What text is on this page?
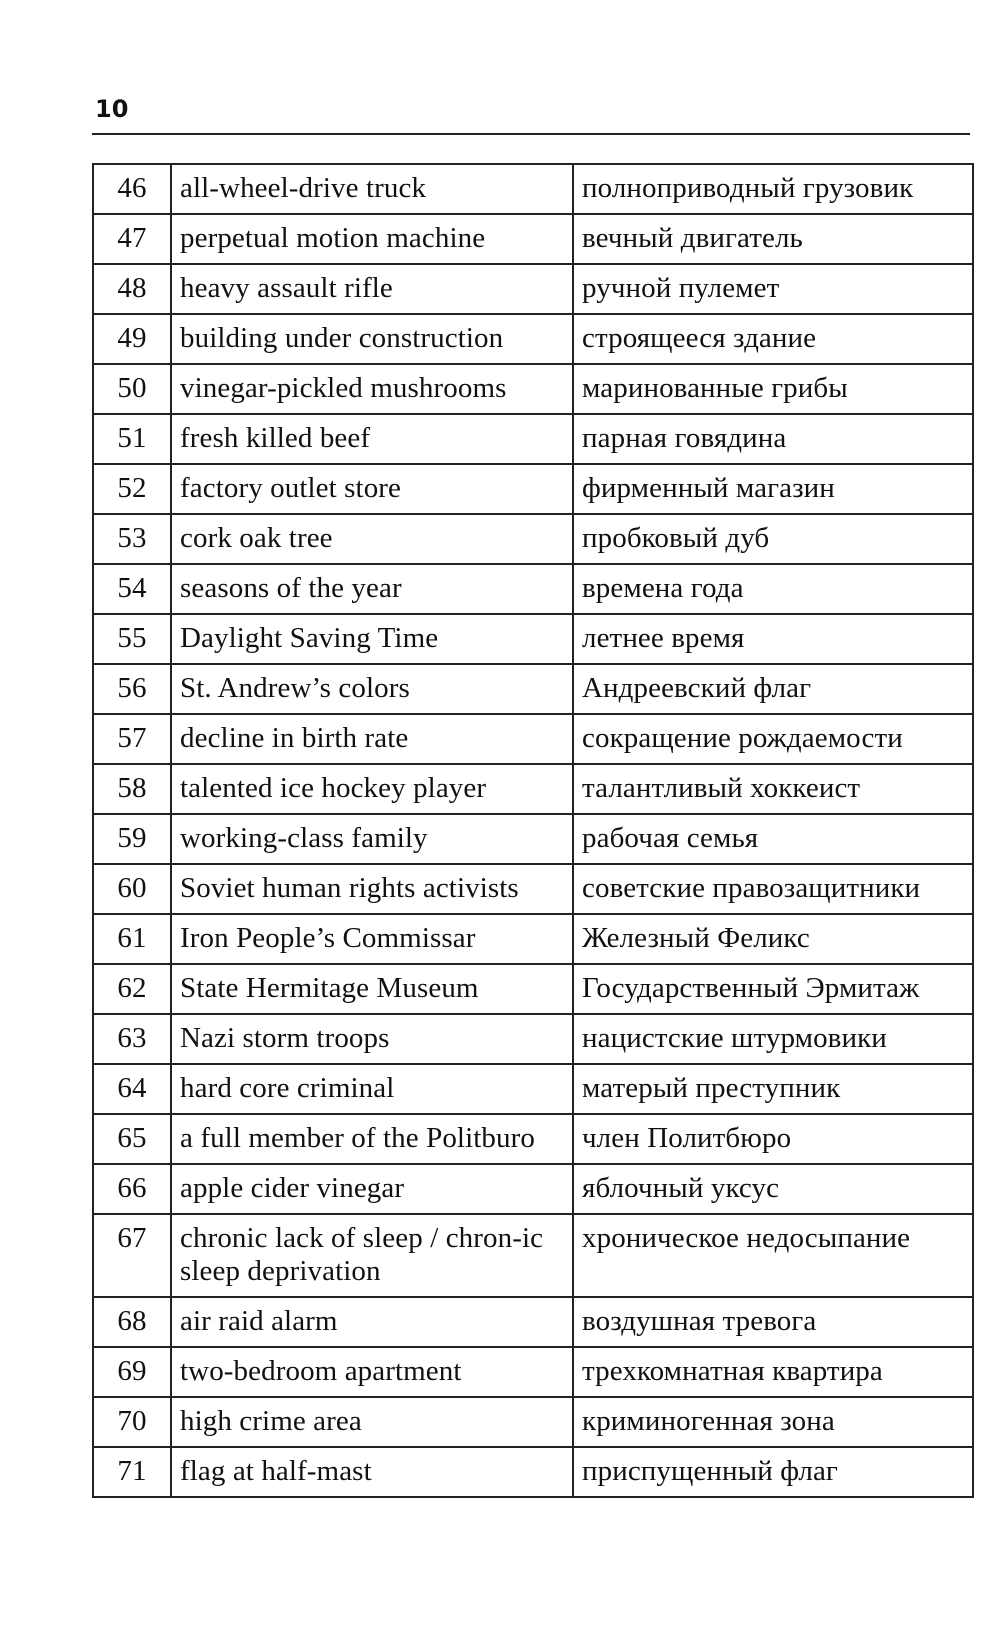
10
46	all-wheel-drive truck	полноприводный грузовик
47	perpetual motion machine	вечный двигатель
48	heavy assault rifle	ручной пулемет
49	building under construction	строящееся здание
50	vinegar-pickled mushrooms	маринованные грибы
51	fresh killed beef	парная говядина
52	factory outlet store	фирменный магазин
53	cork oak tree	пробковый дуб
54	seasons of the year	времена года
55	Daylight Saving Time	летнее время
56	St. Andrew’s colors	Андреевский флаг
57	decline in birth rate	сокращение рождаемости
58	talented ice hockey player	талантливый хоккеист
59	working-class family	рабочая семья
60	Soviet human rights activists	советские правозащитники
61	Iron People’s Commissar	Железный Феликс
62	State Hermitage Museum	Государственный Эрмитаж
63	Nazi storm troops	нацистские штурмовики
64	hard core criminal	матерый преступник
65	a full member of the Politburo	член Политбюро
66	apple cider vinegar	яблочный уксус
67	chronic lack of sleep / chron-ic sleep deprivation	хроническое недосыпание
68	air raid alarm	воздушная тревога
69	two-bedroom apartment	трехкомнатная квартира
70	high crime area	криминогенная зона
71	flag at half-mast	приспущенный флаг
